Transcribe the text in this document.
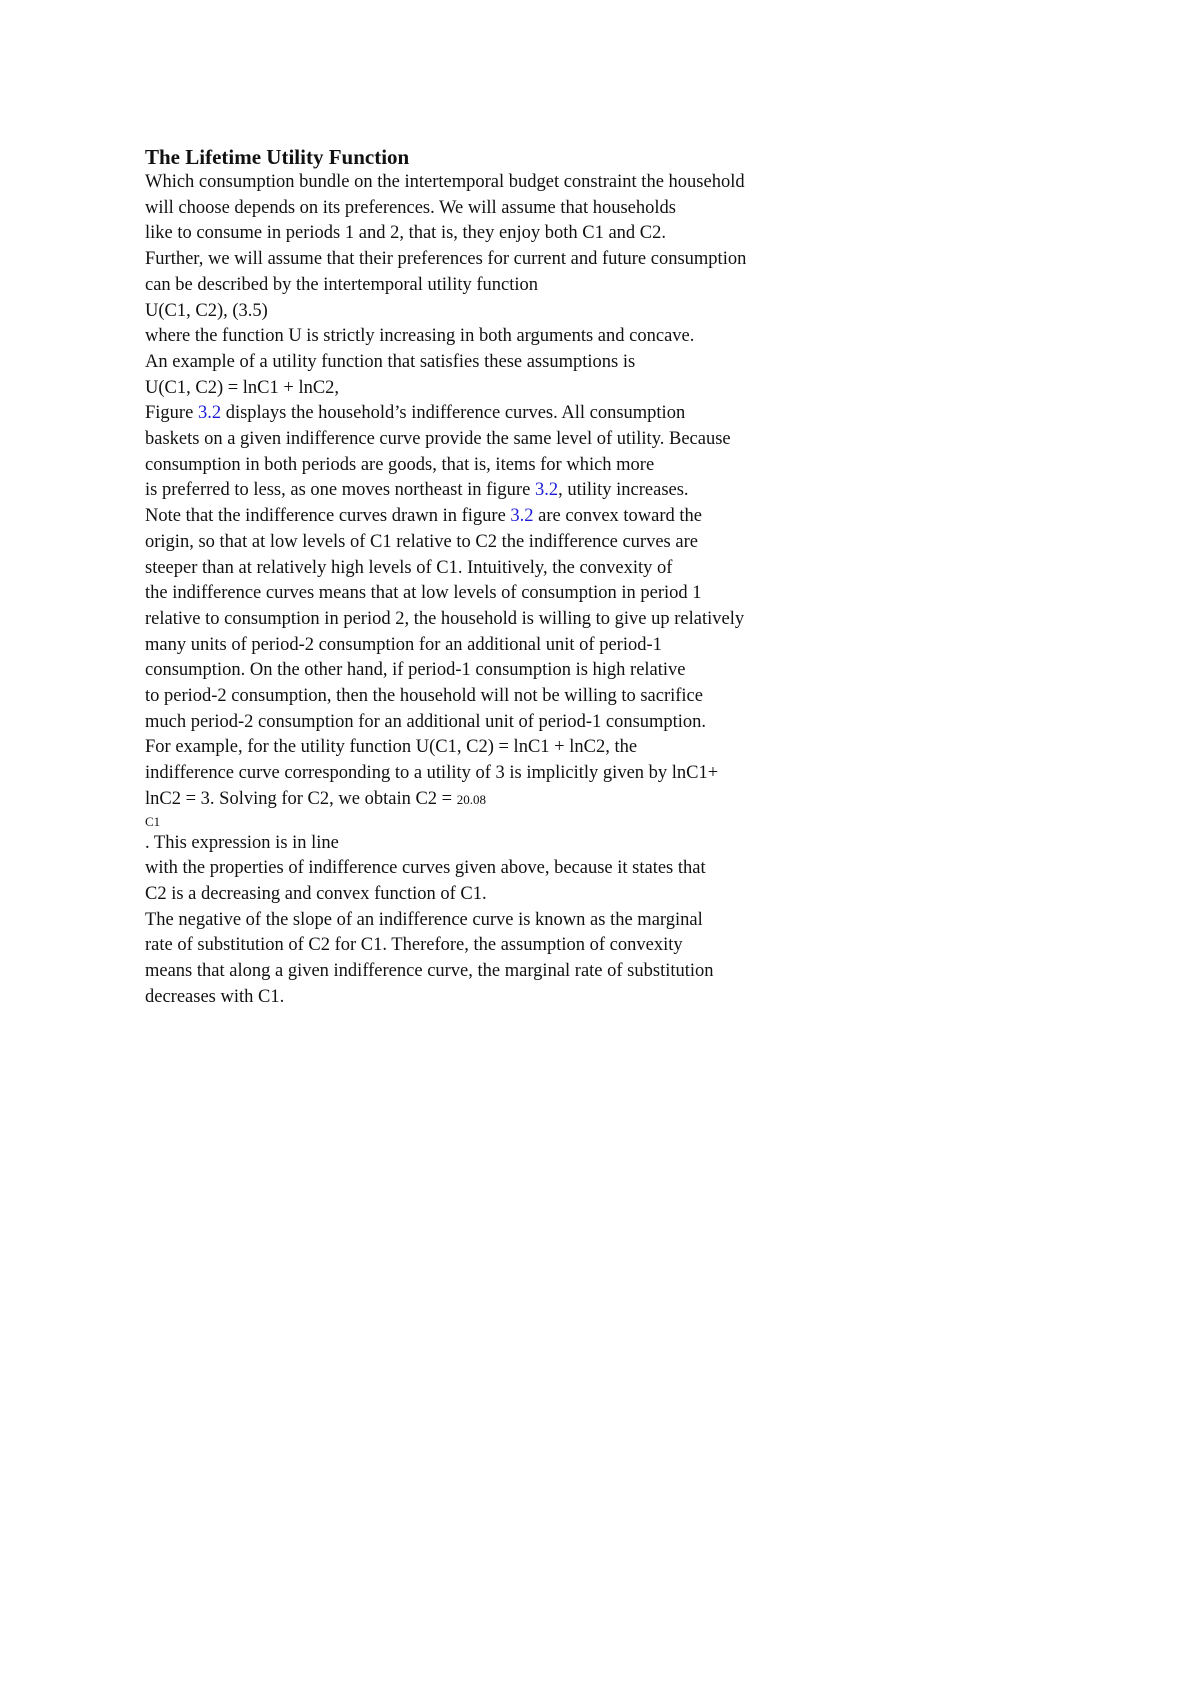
The Lifetime Utility Function
Which consumption bundle on the intertemporal budget constraint the household
will choose depends on its preferences. We will assume that households
like to consume in periods 1 and 2, that is, they enjoy both C1 and C2.
Further, we will assume that their preferences for current and future consumption
can be described by the intertemporal utility function
U(C1, C2), (3.5)
where the function U is strictly increasing in both arguments and concave.
An example of a utility function that satisfies these assumptions is
U(C1, C2) = lnC1 + lnC2,
Figure 3.2 displays the household’s indifference curves. All consumption
baskets on a given indifference curve provide the same level of utility. Because
consumption in both periods are goods, that is, items for which more
is preferred to less, as one moves northeast in figure 3.2, utility increases.
Note that the indifference curves drawn in figure 3.2 are convex toward the
origin, so that at low levels of C1 relative to C2 the indifference curves are
steeper than at relatively high levels of C1. Intuitively, the convexity of
the indifference curves means that at low levels of consumption in period 1
relative to consumption in period 2, the household is willing to give up relatively
many units of period-2 consumption for an additional unit of period-1
consumption. On the other hand, if period-1 consumption is high relative
to period-2 consumption, then the household will not be willing to sacrifice
much period-2 consumption for an additional unit of period-1 consumption.
For example, for the utility function U(C1, C2) = lnC1 + lnC2, the
indifference curve corresponding to a utility of 3 is implicitly given by lnC1+
lnC2 = 3. Solving for C2, we obtain C2 = 20.08
C1
. This expression is in line
with the properties of indifference curves given above, because it states that
C2 is a decreasing and convex function of C1.
The negative of the slope of an indifference curve is known as the marginal
rate of substitution of C2 for C1. Therefore, the assumption of convexity
means that along a given indifference curve, the marginal rate of substitution
decreases with C1.
